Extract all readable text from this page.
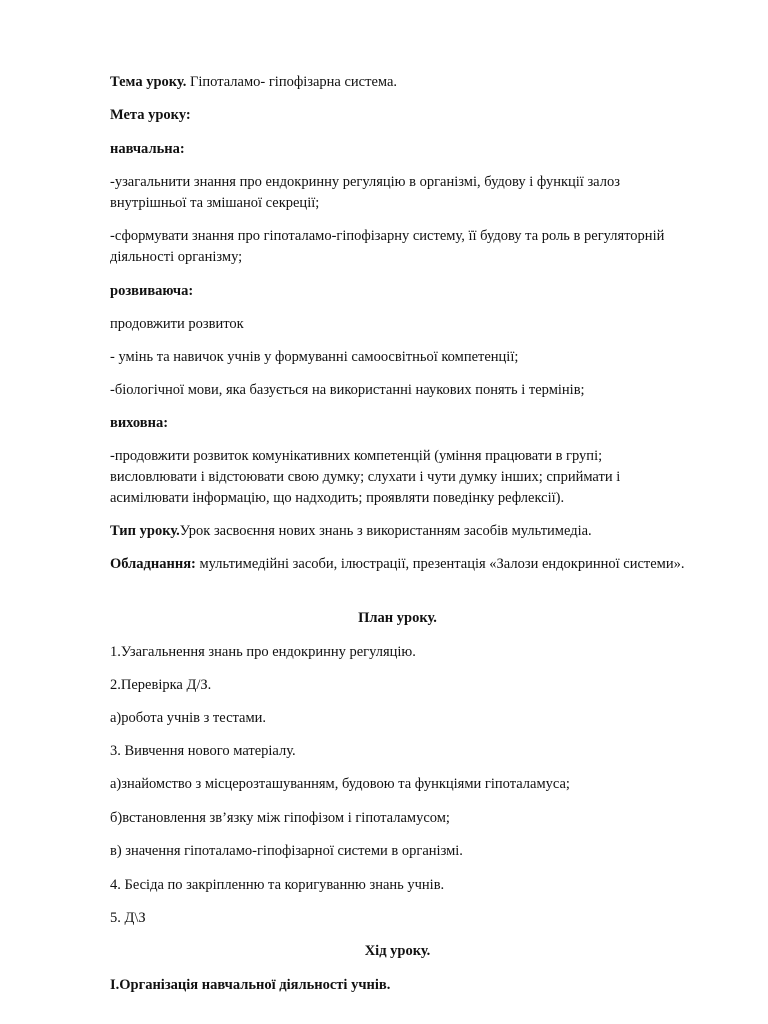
Тема уроку. Гіпоталамо- гіпофізарна система.

Мета уроку:

навчальна:

-узагальнити знання про ендокринну регуляцію в організмі, будову і функції залоз внутрішньої та змішаної секреції;

-сформувати знання про гіпоталамо-гіпофізарну систему, її будову та роль в регуляторній діяльності організму;

розвиваюча:

продовжити розвиток

- умінь та навичок учнів у формуванні самоосвітньої компетенції;

-біологічної мови, яка базується на використанні наукових понять і термінів;

виховна:

-продовжити розвиток комунікативних компетенцій (уміння працювати в групі; висловлювати і відстоювати свою думку; слухати і чути думку інших; сприймати і асимілювати інформацію, що надходить; проявляти поведінку рефлексії).

Тип уроку.Урок засвоєння нових знань з використанням засобів мультимедіа.

Обладнання: мультимедійні засоби, ілюстрації, презентація «Залози ендокринної системи».

План уроку.

1.Узагальнення знань про ендокринну регуляцію.

2.Перевірка Д/З.

а)робота учнів з тестами.

3. Вивчення нового матеріалу.

а)знайомство з місцерозташуванням, будовою та функціями гіпоталамуса;

б)встановлення зв’язку між гіпофізом і гіпоталамусом;

в) значення гіпоталамо-гіпофізарної системи в організмі.

4. Бесіда по закріпленню та коригуванню знань учнів.

5. Д\З

Хід уроку.

I.Організація навчальної діяльності учнів.
